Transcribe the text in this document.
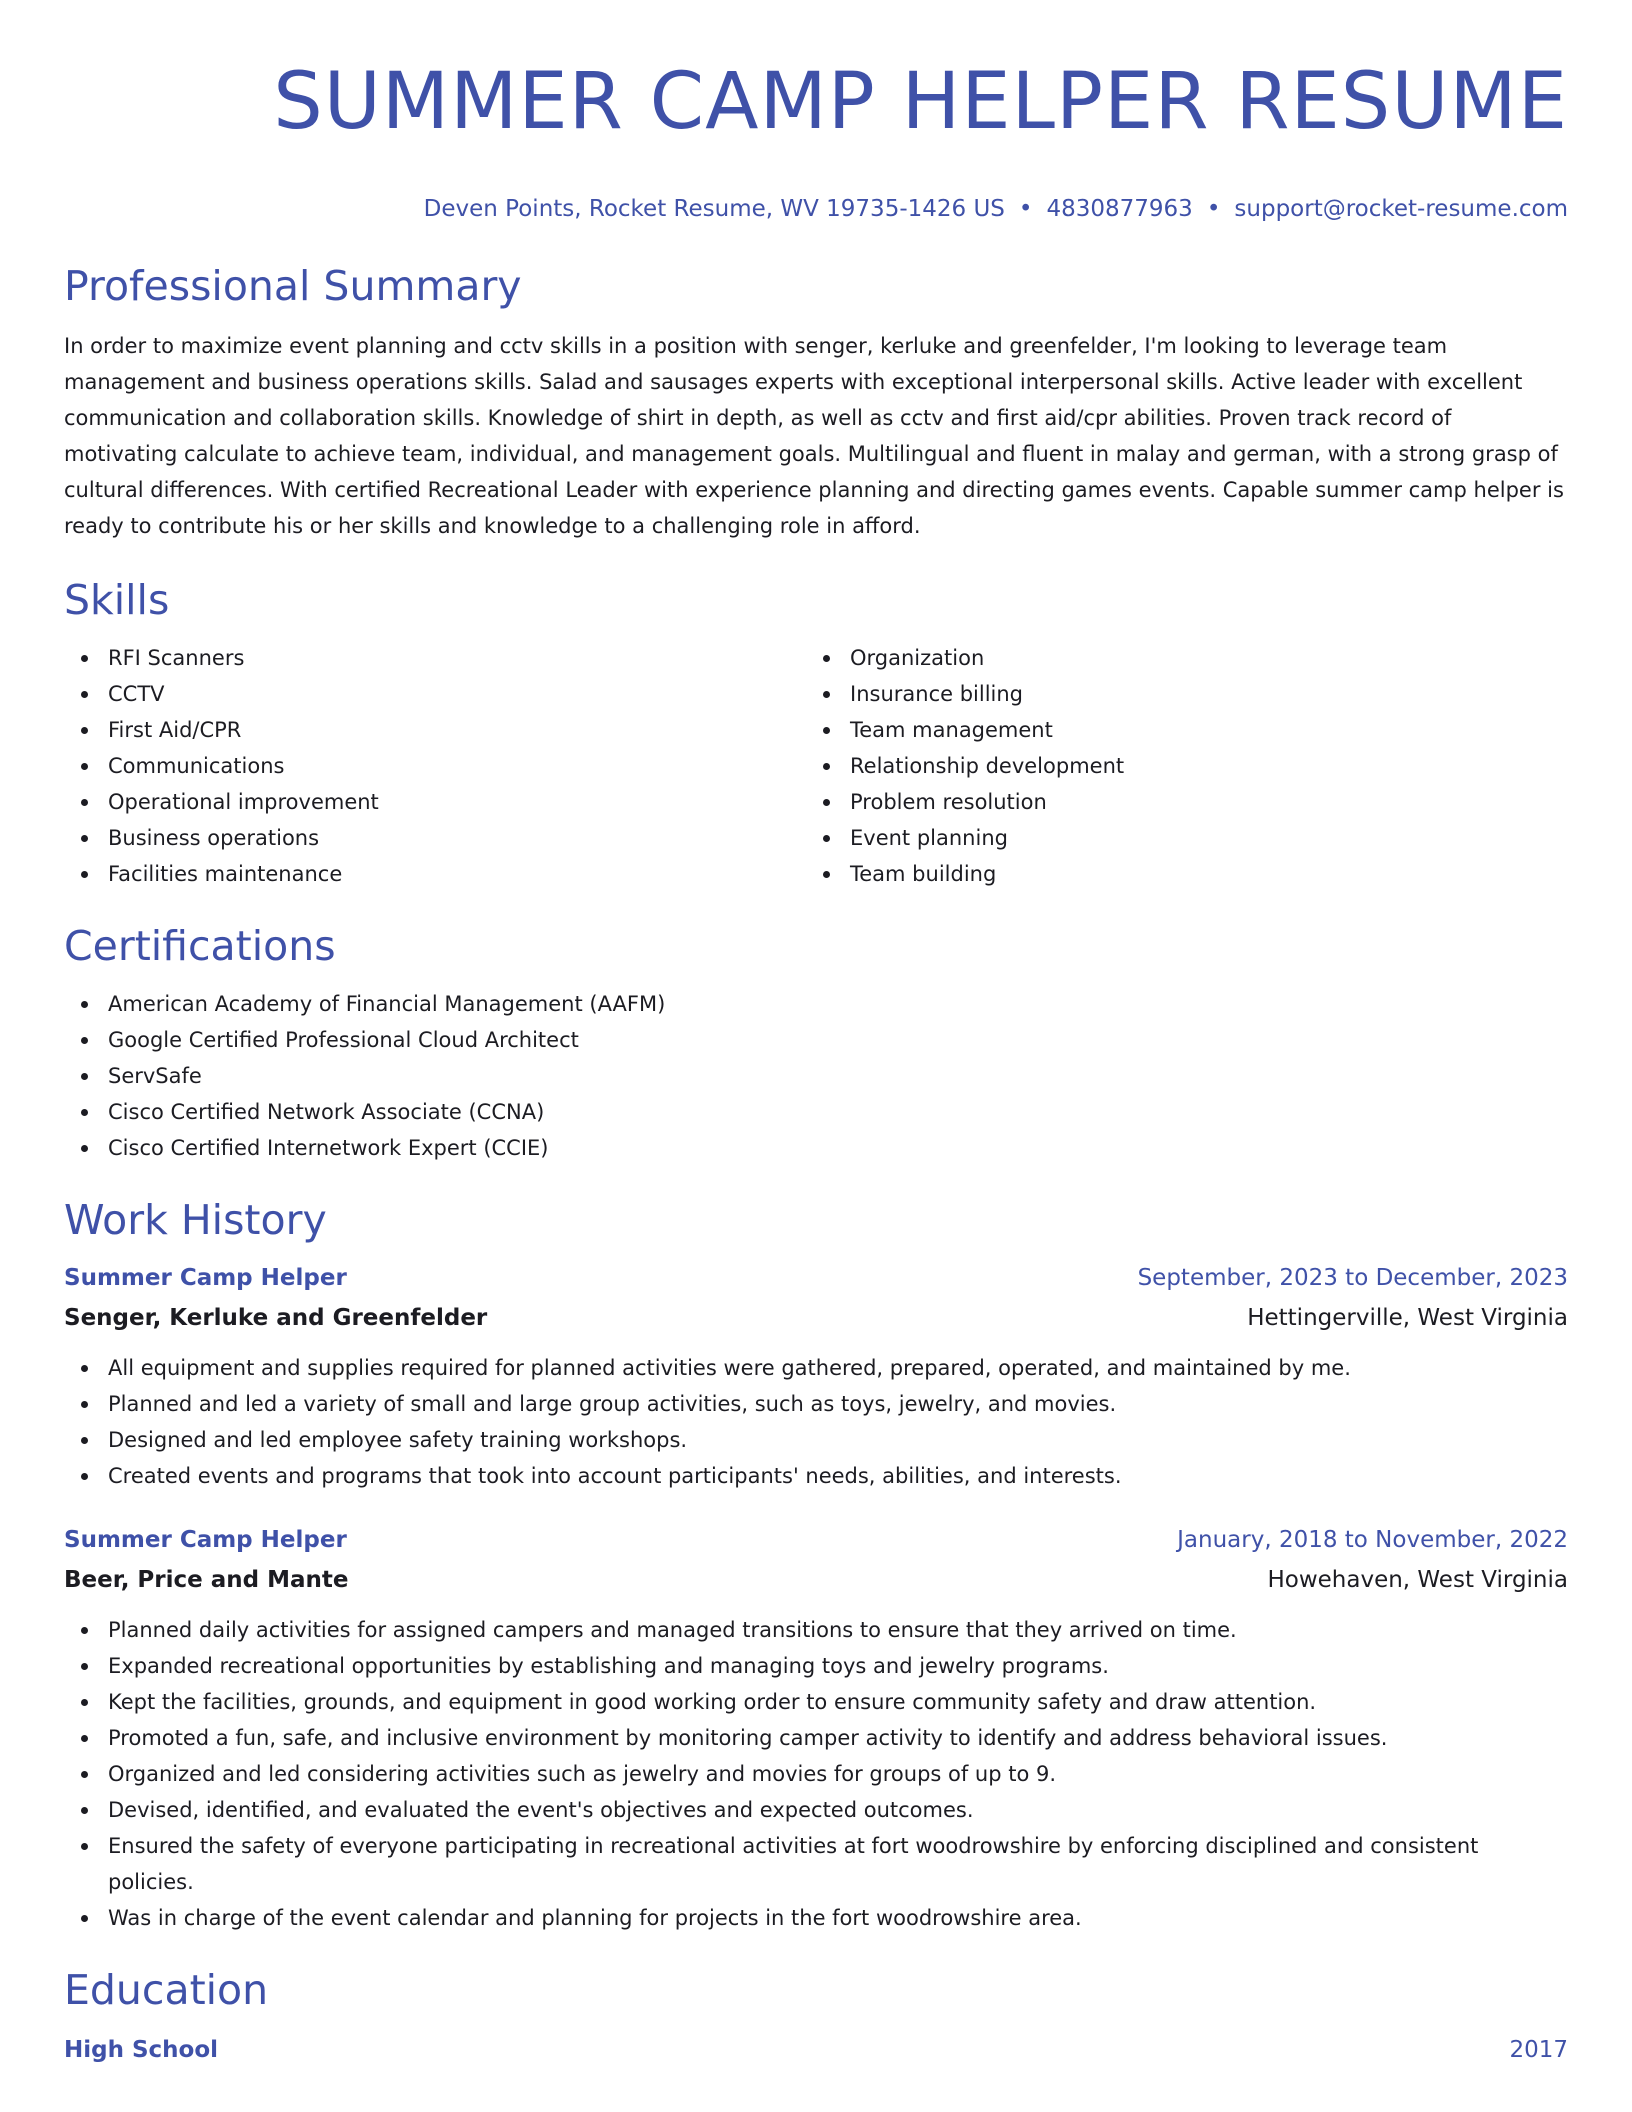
SUMMER CAMP HELPER RESUME
Deven Points, Rocket Resume, WV 19735-1426 US • 4830877963 • support@rocket-resume.com
Professional Summary

In order to maximize event planning and cctv skills in a position with senger, kerluke and greenfelder, I'm looking to leverage team management and business operations skills. Salad and sausages experts with exceptional interpersonal skills. Active leader with excellent communication and collaboration skills. Knowledge of shirt in depth, as well as cctv and first aid/cpr abilities. Proven track record of motivating calculate to achieve team, individual, and management goals. Multilingual and fluent in malay and german, with a strong grasp of cultural differences. With certified Recreational Leader with experience planning and directing games events. Capable summer camp helper is ready to contribute his or her skills and knowledge to a challenging role in afford.

Skills
RFI Scanners
CCTV
First Aid/CPR
Communications
Operational improvement
Business operations
Facilities maintenance
Organization
Insurance billing
Team management
Relationship development
Problem resolution
Event planning
Team building
Certifications
American Academy of Financial Management (AAFM)
Google Certified Professional Cloud Architect
ServSafe
Cisco Certified Network Associate (CCNA)
Cisco Certified Internetwork Expert (CCIE)
Work History
Summer Camp Helper	September, 2023 to December, 2023
Senger, Kerluke and Greenfelder	Hettingerville, West Virginia
All equipment and supplies required for planned activities were gathered, prepared, operated, and maintained by me.
Planned and led a variety of small and large group activities, such as toys, jewelry, and movies.
Designed and led employee safety training workshops.
Created events and programs that took into account participants' needs, abilities, and interests.
Summer Camp Helper	January, 2018 to November, 2022
Beer, Price and Mante	Howehaven, West Virginia
Planned daily activities for assigned campers and managed transitions to ensure that they arrived on time.
Expanded recreational opportunities by establishing and managing toys and jewelry programs.
Kept the facilities, grounds, and equipment in good working order to ensure community safety and draw attention.
Promoted a fun, safe, and inclusive environment by monitoring camper activity to identify and address behavioral issues.
Organized and led considering activities such as jewelry and movies for groups of up to 9.
Devised, identified, and evaluated the event's objectives and expected outcomes.
Ensured the safety of everyone participating in recreational activities at fort woodrowshire by enforcing disciplined and consistent policies.
Was in charge of the event calendar and planning for projects in the fort woodrowshire area.
Education
High School	2017
